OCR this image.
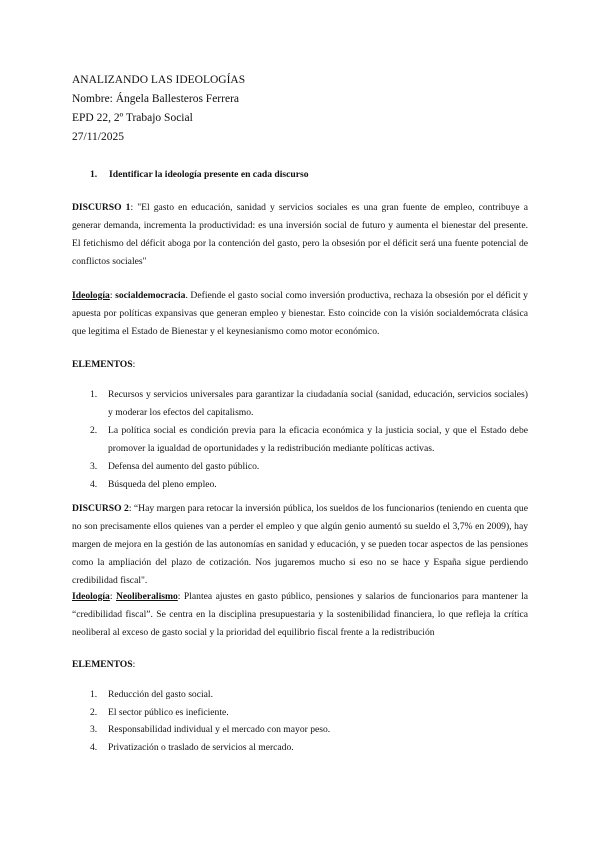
ANALIZANDO LAS IDEOLOGÍAS
Nombre: Ángela Ballesteros Ferrera
EPD 22, 2º Trabajo Social
27/11/2025
1. Identificar la ideología presente en cada discurso
DISCURSO 1: "El gasto en educación, sanidad y servicios sociales es una gran fuente de empleo, contribuye a generar demanda, incrementa la productividad: es una inversión social de futuro y aumenta el bienestar del presente. El fetichismo del déficit aboga por la contención del gasto, pero la obsesión por el déficit será una fuente potencial de conflictos sociales"
Ideología: socialdemocracia. Defiende el gasto social como inversión productiva, rechaza la obsesión por el déficit y apuesta por políticas expansivas que generan empleo y bienestar. Esto coincide con la visión socialdemócrata clásica que legitima el Estado de Bienestar y el keynesianismo como motor económico.
ELEMENTOS:
1. Recursos y servicios universales para garantizar la ciudadanía social (sanidad, educación, servicios sociales) y moderar los efectos del capitalismo.
2. La política social es condición previa para la eficacia económica y la justicia social, y que el Estado debe promover la igualdad de oportunidades y la redistribución mediante políticas activas.
3. Defensa del aumento del gasto público.
4. Búsqueda del pleno empleo.
DISCURSO 2: “Hay margen para retocar la inversión pública, los sueldos de los funcionarios (teniendo en cuenta que no son precisamente ellos quienes van a perder el empleo y que algún genio aumentó su sueldo el 3,7% en 2009), hay margen de mejora en la gestión de las autonomías en sanidad y educación, y se pueden tocar aspectos de las pensiones como la ampliación del plazo de cotización. Nos jugaremos mucho si eso no se hace y España sigue perdiendo credibilidad fiscal".
Ideología: Neoliberalismo: Plantea ajustes en gasto público, pensiones y salarios de funcionarios para mantener la “credibilidad fiscal”. Se centra en la disciplina presupuestaria y la sostenibilidad financiera, lo que refleja la crítica neoliberal al exceso de gasto social y la prioridad del equilibrio fiscal frente a la redistribución
ELEMENTOS:
1. Reducción del gasto social.
2. El sector público es ineficiente.
3. Responsabilidad individual y el mercado con mayor peso.
4. Privatización o traslado de servicios al mercado.
